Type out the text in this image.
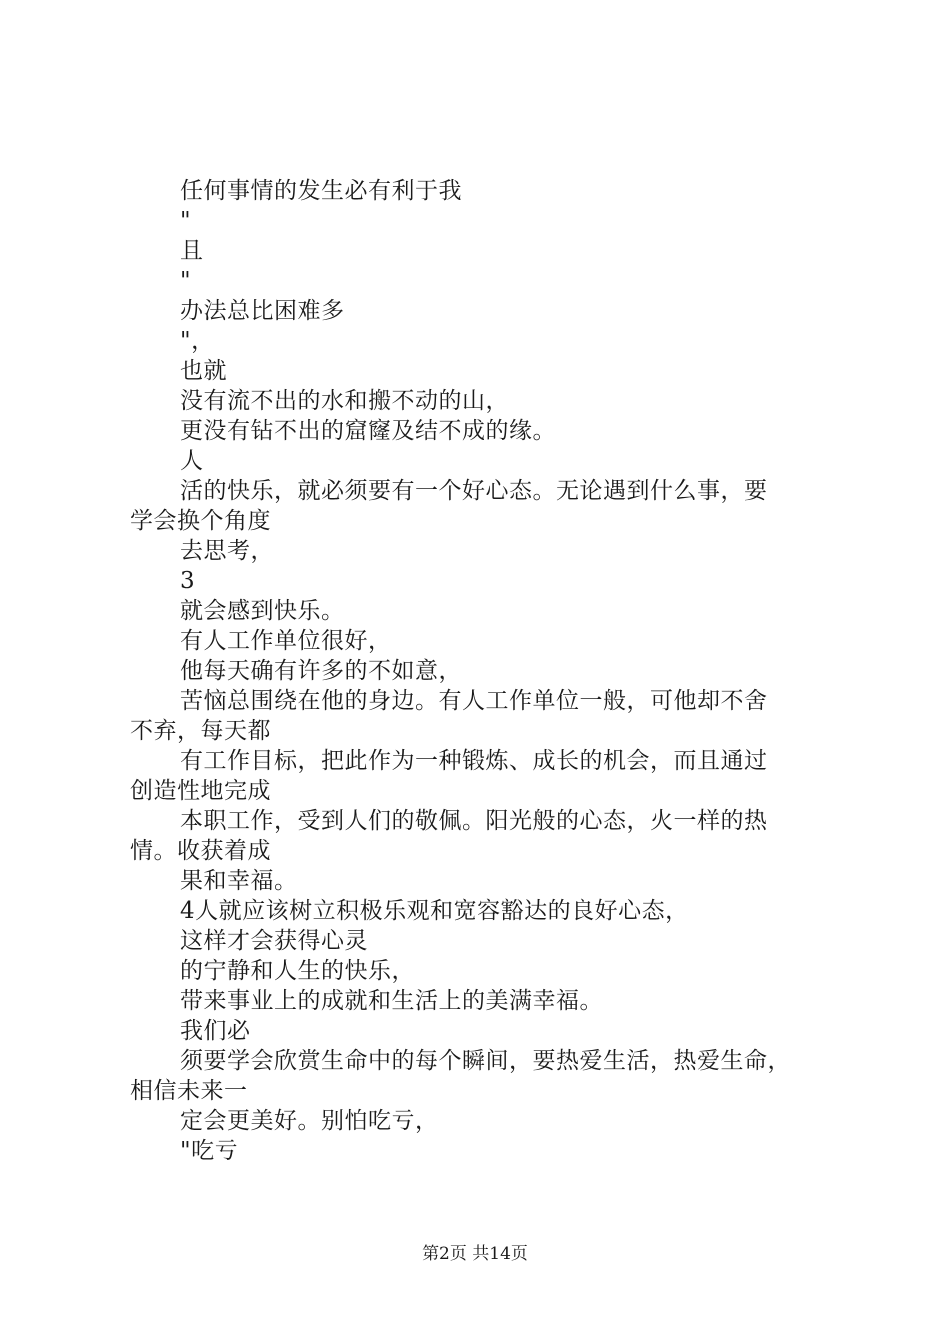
任何事情的发生必有利于我
"
且
"
办法总比困难多
"，
也就
没有流不出的水和搬不动的山，
更没有钻不出的窟窿及结不成的缘。
人
活的快乐，就必须要有一个好心态。无论遇到什么事，要
学会换个角度
去思考，
3
就会感到快乐。
有人工作单位很好，
他每天确有许多的不如意，
苦恼总围绕在他的身边。有人工作单位一般，可他却不舍
不弃，每天都
有工作目标，把此作为一种锻炼、成长的机会，而且通过
创造性地完成
本职工作，受到人们的敬佩。阳光般的心态，火一样的热
情。收获着成
果和幸福。
4人就应该树立积极乐观和宽容豁达的良好心态，
这样才会获得心灵
的宁静和人生的快乐，
带来事业上的成就和生活上的美满幸福。
我们必
须要学会欣赏生命中的每个瞬间，要热爱生活，热爱生命，
相信未来一
定会更美好。别怕吃亏，
"吃亏
第2页 共14页
